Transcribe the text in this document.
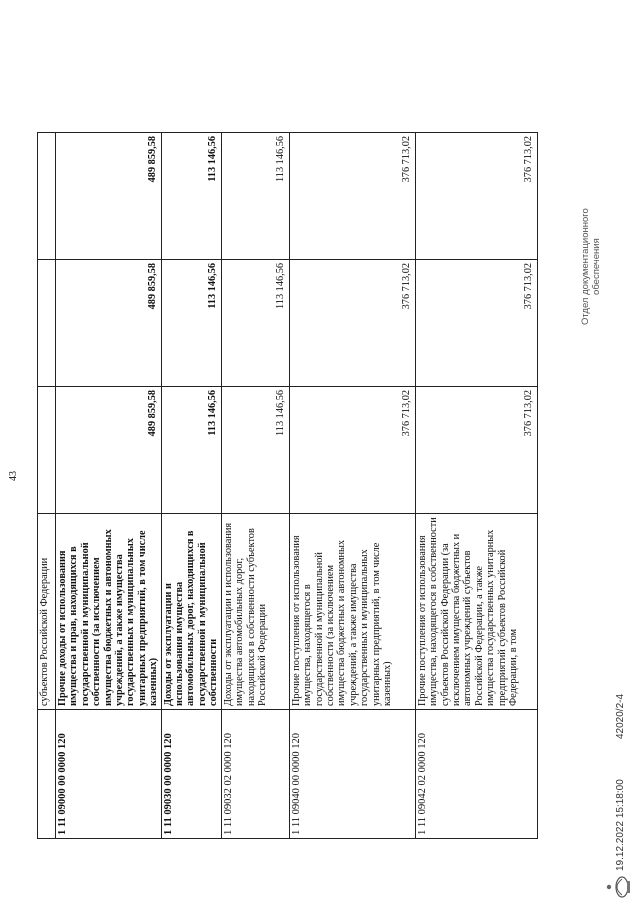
43
	субъектов Российской Федерации			
1 11 09000 00 0000 120	Прочие доходы от использования имущества и прав, находящихся в государственной и муниципальной собственности (за исключением имущества бюджетных и автономных учреждений, а также имущества государственных и муниципальных унитарных предприятий, в том числе казенных)	489 859,58	489 859,58	489 859,58
1 11 09030 00 0000 120	Доходы от эксплуатации и использования имущества автомобильных дорог, находящихся в государственной и муниципальной собственности	113 146,56	113 146,56	113 146,56
1 11 09032 02 0000 120	Доходы от эксплуатации и использования имущества автомобильных дорог, находящихся в собственности субъектов Российской Федерации	113 146,56	113 146,56	113 146,56
1 11 09040 00 0000 120	Прочие поступления от использования имущества, находящегося в государственной и муниципальной собственности (за исключением имущества бюджетных и автономных учреждений, а также имущества государственных и муниципальных унитарных предприятий, в том числе казенных)	376 713,02	376 713,02	376 713,02
1 11 09042 02 0000 120	Прочие поступления от использования имущества, находящегося в собственности субъектов Российской Федерации (за исключением имущества бюджетных и автономных учреждений субъектов Российской Федерации, а также имущества государственных унитарных предприятий субъектов Российской Федерации, в том	376 713,02	376 713,02	376 713,02
19.12.2022 15:18:00
42020/2-4
Отдел документационного обеспечения
